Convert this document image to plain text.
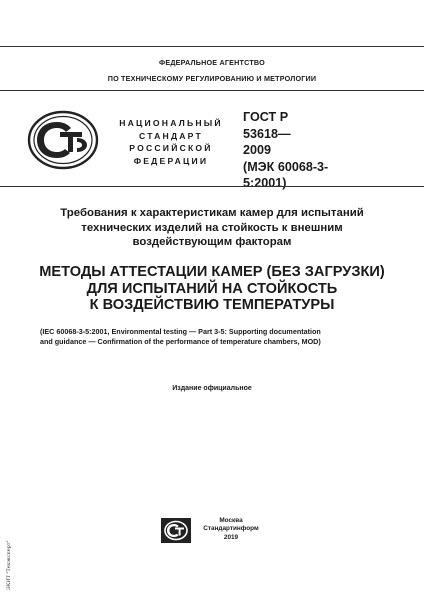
ФЕДЕРАЛЬНОЕ АГЕНТСТВО
ПО ТЕХНИЧЕСКОМУ РЕГУЛИРОВАНИЮ И МЕТРОЛОГИИ
НАЦИОНАЛЬНЫЙ
СТАНДАРТ
РОССИЙСКОЙ
ФЕДЕРАЦИИ
ГОСТ Р
53618—
2009
(МЭК 60068-3-5:2001)
Требования к характеристикам камер для испытаний
технических изделий на стойкость к внешним
воздействующим факторам
МЕТОДЫ АТТЕСТАЦИИ КАМЕР (БЕЗ ЗАГРУЗКИ)
ДЛЯ ИСПЫТАНИЙ НА СТОЙКОСТЬ
К ВОЗДЕЙСТВИЮ ТЕМПЕРАТУРЫ
(IEC 60068-3-5:2001, Environmental testing — Part 3-5: Supporting documentation
and guidance — Confirmation of the performance of temperature chambers, MOD)
Издание официальное
Москва
Стандартинформ
2019
ЭКИТ "Техэксперт"
